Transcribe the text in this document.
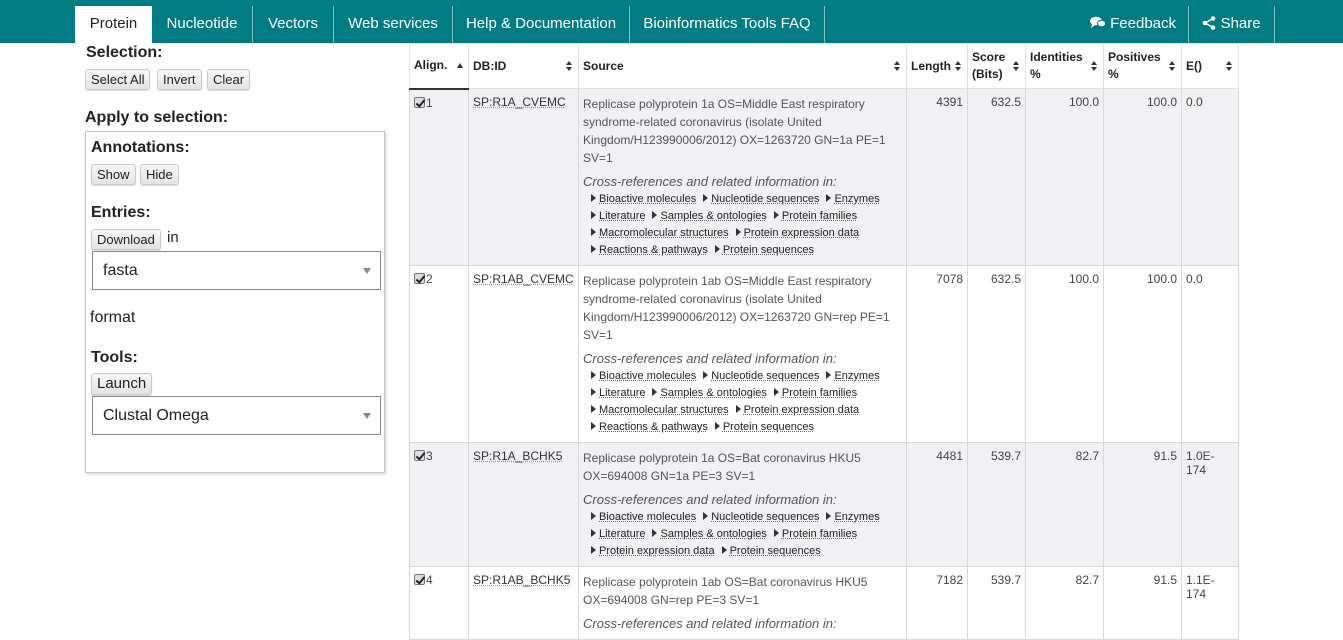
Protein	Nucleotide	Vectors	Web services	Help & Documentation	Bioinformatics Tools FAQ	Feedback	Share
Selection:
Select All	Invert	Clear
Apply to selection:
Annotations:
Show	Hide
Entries:
Download in
fasta
format
Tools:
Launch
Clustal Omega
Align.	DB:ID	Source	Length	Score (Bits)	Identities %	Positives %	E()

1	SP:R1A_CVEMC	Replicase polyprotein 1a OS=Middle East respiratory syndrome-related coronavirus (isolate United Kingdom/H123990006/2012) OX=1263720 GN=1a PE=1 SV=1
Cross-references and related information in:
Bioactive molecules Nucleotide sequences EnzymesLiterature Samples & ontologies Protein familiesMacromolecular structures Protein expression dataReactions & pathways Protein sequences	4391	632.5	100.0	100.0	0.0
2	SP:R1AB_CVEMC	Replicase polyprotein 1ab OS=Middle East respiratory syndrome-related coronavirus (isolate United Kingdom/H123990006/2012) OX=1263720 GN=rep PE=1 SV=1
Cross-references and related information in:
Bioactive molecules Nucleotide sequences EnzymesLiterature Samples & ontologies Protein familiesMacromolecular structures Protein expression dataReactions & pathways Protein sequences	7078	632.5	100.0	100.0	0.0
3	SP:R1A_BCHK5	Replicase polyprotein 1a OS=Bat coronavirus HKU5 OX=694008 GN=1a PE=3 SV=1
Cross-references and related information in:
Bioactive molecules Nucleotide sequences EnzymesLiterature Samples & ontologies Protein familiesProtein expression data Protein sequences	4481	539.7	82.7	91.5	1.0E-174
4	SP:R1AB_BCHK5	Replicase polyprotein 1ab OS=Bat coronavirus HKU5 OX=694008 GN=rep PE=3 SV=1
Cross-references and related information in:	7182	539.7	82.7	91.5	1.1E-174
